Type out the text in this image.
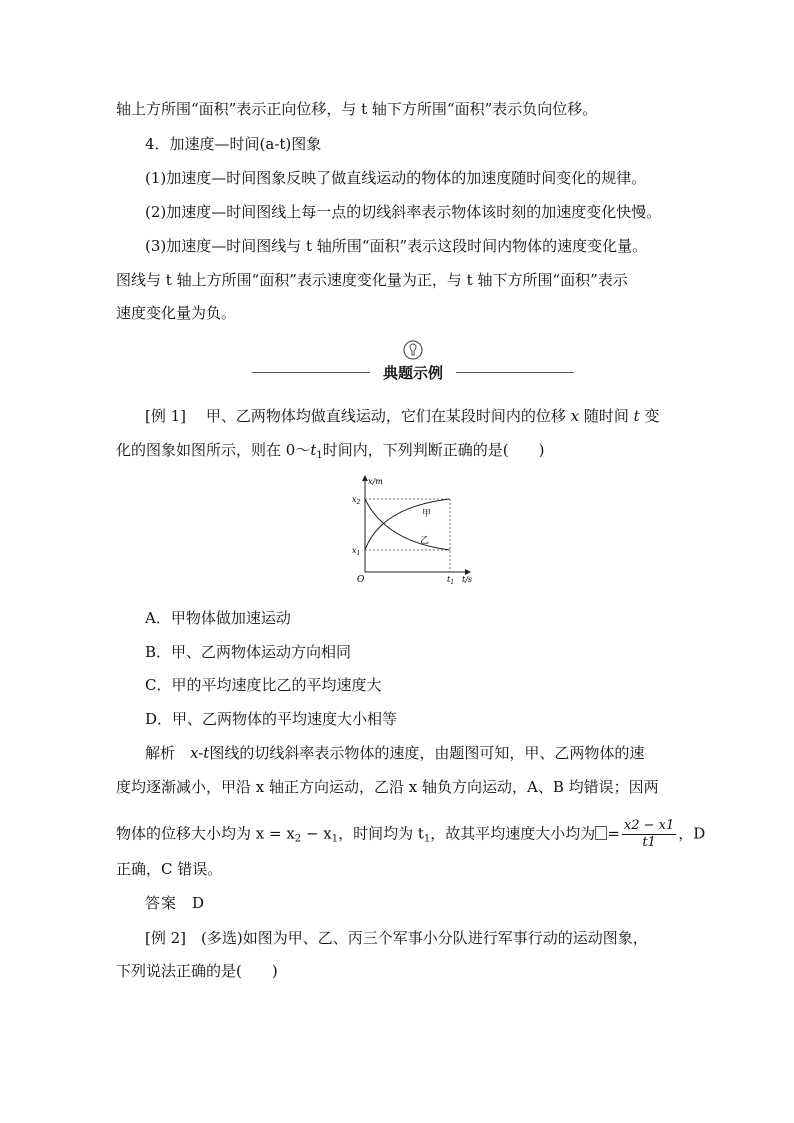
轴上方所围“面积”表示正向位移，与 t 轴下方所围“面积”表示负向位移。
4．加速度—时间(a-t)图象
(1)加速度—时间图象反映了做直线运动的物体的加速度随时间变化的规律。
(2)加速度—时间图线上每一点的切线斜率表示物体该时刻的加速度变化快慢。
(3)加速度—时间图线与 t 轴所围“面积”表示这段时间内物体的速度变化量。
图线与 t 轴上方所围“面积”表示速度变化量为正，与 t 轴下方所围“面积”表示
速度变化量为负。
典题示例
[例 1] 　 甲、乙两物体均做直线运动，它们在某段时间内的位移 x 随时间 t 变
化的图象如图所示，则在 $0\sim t_1$时间内，下列判断正确的是(　　)
x/m
t/s
O
$x_2$
$x_1$
$t_1$
甲
乙
A．甲物体做加速运动
B．甲、乙两物体运动方向相同
C．甲的平均速度比乙的平均速度大
D．甲、乙两物体的平均速度大小相等
解析　 x-t图线的切线斜率表示物体的速度，由题图可知，甲、乙两物体的速
度均逐渐减小，甲沿 x 轴正方向运动，乙沿 x 轴负方向运动，A、B 均错误；因两
物体的位移大小均为 $x = x_2 - x_1$，时间均为 $t_1$，故其平均速度大小均为 = $\frac{x2 - x1}{t1}$ ，D
正确，C 错误。
答案　 D
[例 2]　 (多选)如图为甲、乙、丙三个军事小分队进行军事行动的运动图象，
下列说法正确的是(　　)
